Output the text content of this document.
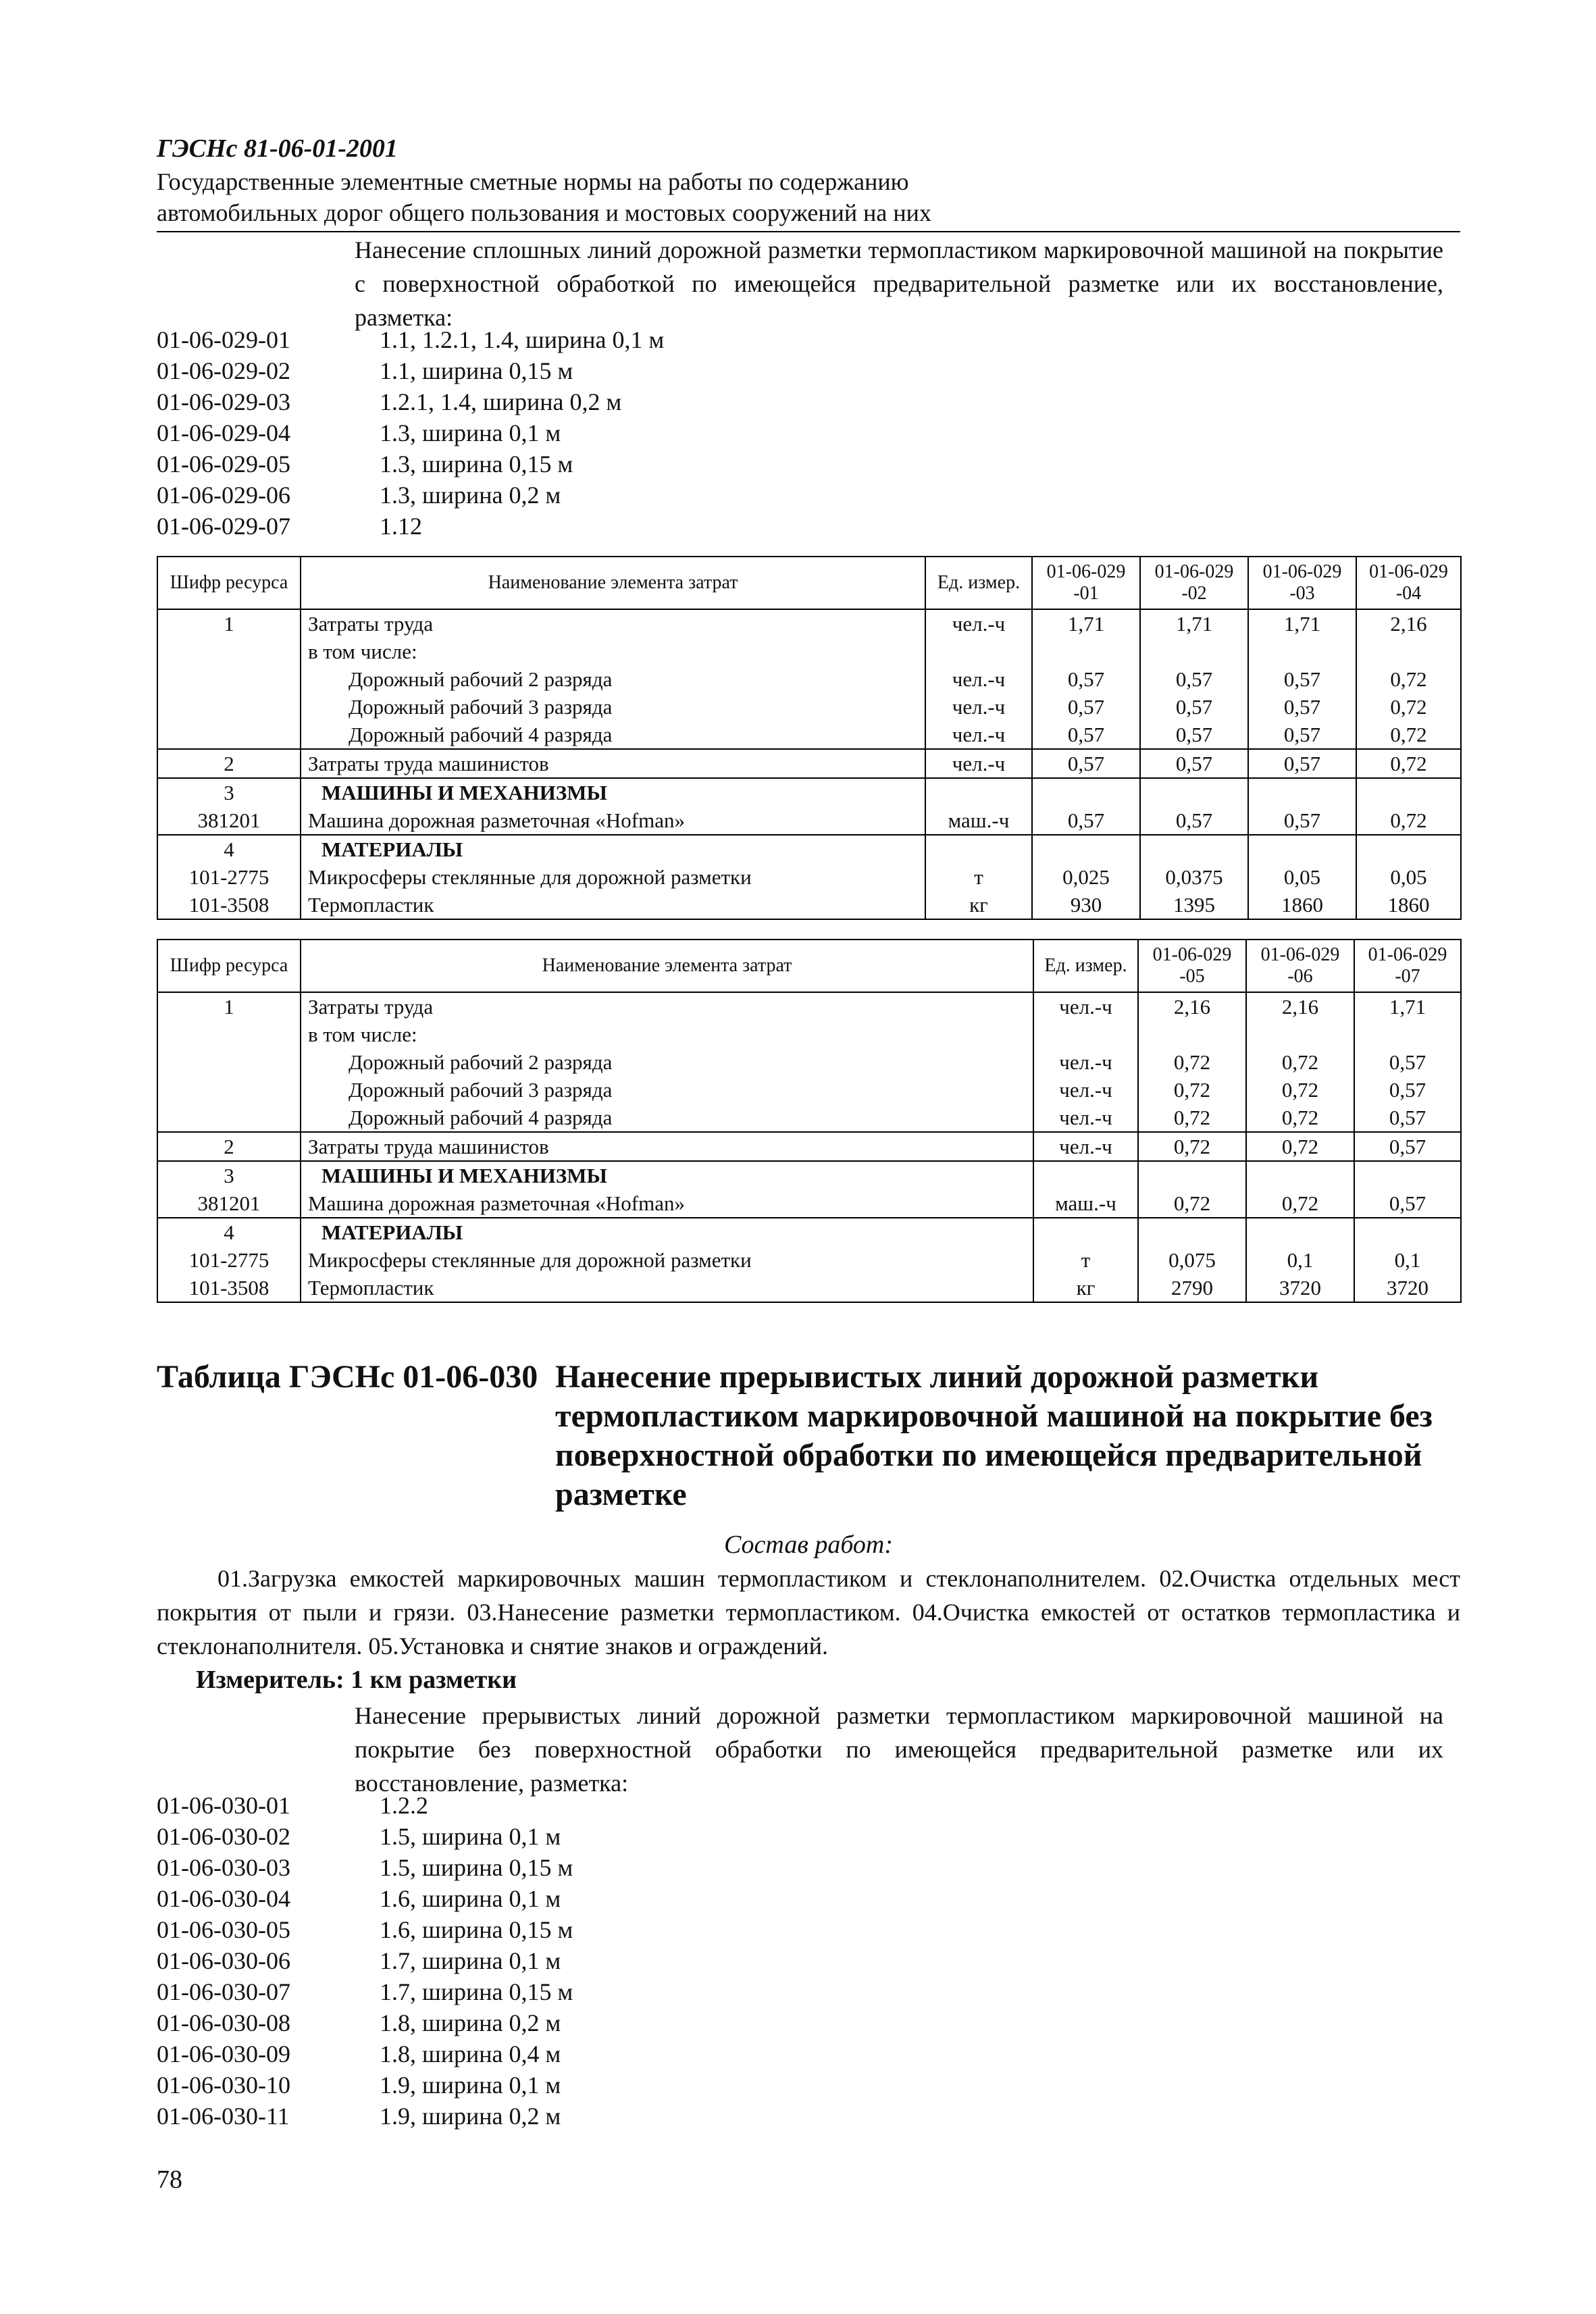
ГЭСНс 81-06-01-2001
Государственные элементные сметные нормы на работы по содержанию
автомобильных дорог общего пользования и мостовых сооружений на них
Нанесение сплошных линий дорожной разметки термопластиком маркировочной машиной на покрытие с поверхностной обработкой по имеющейся предварительной разметке или их восстановление, разметка:
01-06-029-01	1.1, 1.2.1, 1.4, ширина 0,1 м
01-06-029-02	1.1, ширина 0,15 м
01-06-029-03	1.2.1, 1.4, ширина 0,2 м
01-06-029-04	1.3, ширина 0,1 м
01-06-029-05	1.3, ширина 0,15 м
01-06-029-06	1.3, ширина 0,2 м
01-06-029-07	1.12
Шифр ресурса	Наименование элемента затрат	Ед. измер.	01-06-029-01	01-06-029-02	01-06-029-03	01-06-029-04
1	Затраты труда	чел.-ч	1,71	1,71	1,71	2,16
	в том числе:					
	Дорожный рабочий 2 разряда	чел.-ч	0,57	0,57	0,57	0,72
	Дорожный рабочий 3 разряда	чел.-ч	0,57	0,57	0,57	0,72
	Дорожный рабочий 4 разряда	чел.-ч	0,57	0,57	0,57	0,72
2	Затраты труда машинистов	чел.-ч	0,57	0,57	0,57	0,72
3	МАШИНЫ И МЕХАНИЗМЫ					
381201	Машина дорожная разметочная «Hofman»	маш.-ч	0,57	0,57	0,57	0,72
4	МАТЕРИАЛЫ					
101-2775	Микросферы стеклянные для дорожной разметки	т	0,025	0,0375	0,05	0,05
101-3508	Термопластик	кг	930	1395	1860	1860
Шифр ресурса	Наименование элемента затрат	Ед. измер.	01-06-029-05	01-06-029-06	01-06-029-07
1	Затраты труда	чел.-ч	2,16	2,16	1,71
	в том числе:				
	Дорожный рабочий 2 разряда	чел.-ч	0,72	0,72	0,57
	Дорожный рабочий 3 разряда	чел.-ч	0,72	0,72	0,57
	Дорожный рабочий 4 разряда	чел.-ч	0,72	0,72	0,57
2	Затраты труда машинистов	чел.-ч	0,72	0,72	0,57
3	МАШИНЫ И МЕХАНИЗМЫ				
381201	Машина дорожная разметочная «Hofman»	маш.-ч	0,72	0,72	0,57
4	МАТЕРИАЛЫ				
101-2775	Микросферы стеклянные для дорожной разметки	т	0,075	0,1	0,1
101-3508	Термопластик	кг	2790	3720	3720
Таблица ГЭСНс 01-06-030 Нанесение прерывистых линий дорожной разметки термопластиком маркировочной машиной на покрытие без поверхностной обработки по имеющейся предварительной разметке
Состав работ:
01.Загрузка емкостей маркировочных машин термопластиком и стеклонаполнителем. 02.Очистка отдельных мест покрытия от пыли и грязи. 03.Нанесение разметки термопластиком. 04.Очистка емкостей от остатков термопластика и стеклонаполнителя. 05.Установка и снятие знаков и ограждений.
Измеритель: 1 км разметки
Нанесение прерывистых линий дорожной разметки термопластиком маркировочной машиной на покрытие без поверхностной обработки по имеющейся предварительной разметке или их восстановление, разметка:
01-06-030-01	1.2.2
01-06-030-02	1.5, ширина 0,1 м
01-06-030-03	1.5, ширина 0,15 м
01-06-030-04	1.6, ширина 0,1 м
01-06-030-05	1.6, ширина 0,15 м
01-06-030-06	1.7, ширина 0,1 м
01-06-030-07	1.7, ширина 0,15 м
01-06-030-08	1.8, ширина 0,2 м
01-06-030-09	1.8, ширина 0,4 м
01-06-030-10	1.9, ширина 0,1 м
01-06-030-11	1.9, ширина 0,2 м
78
